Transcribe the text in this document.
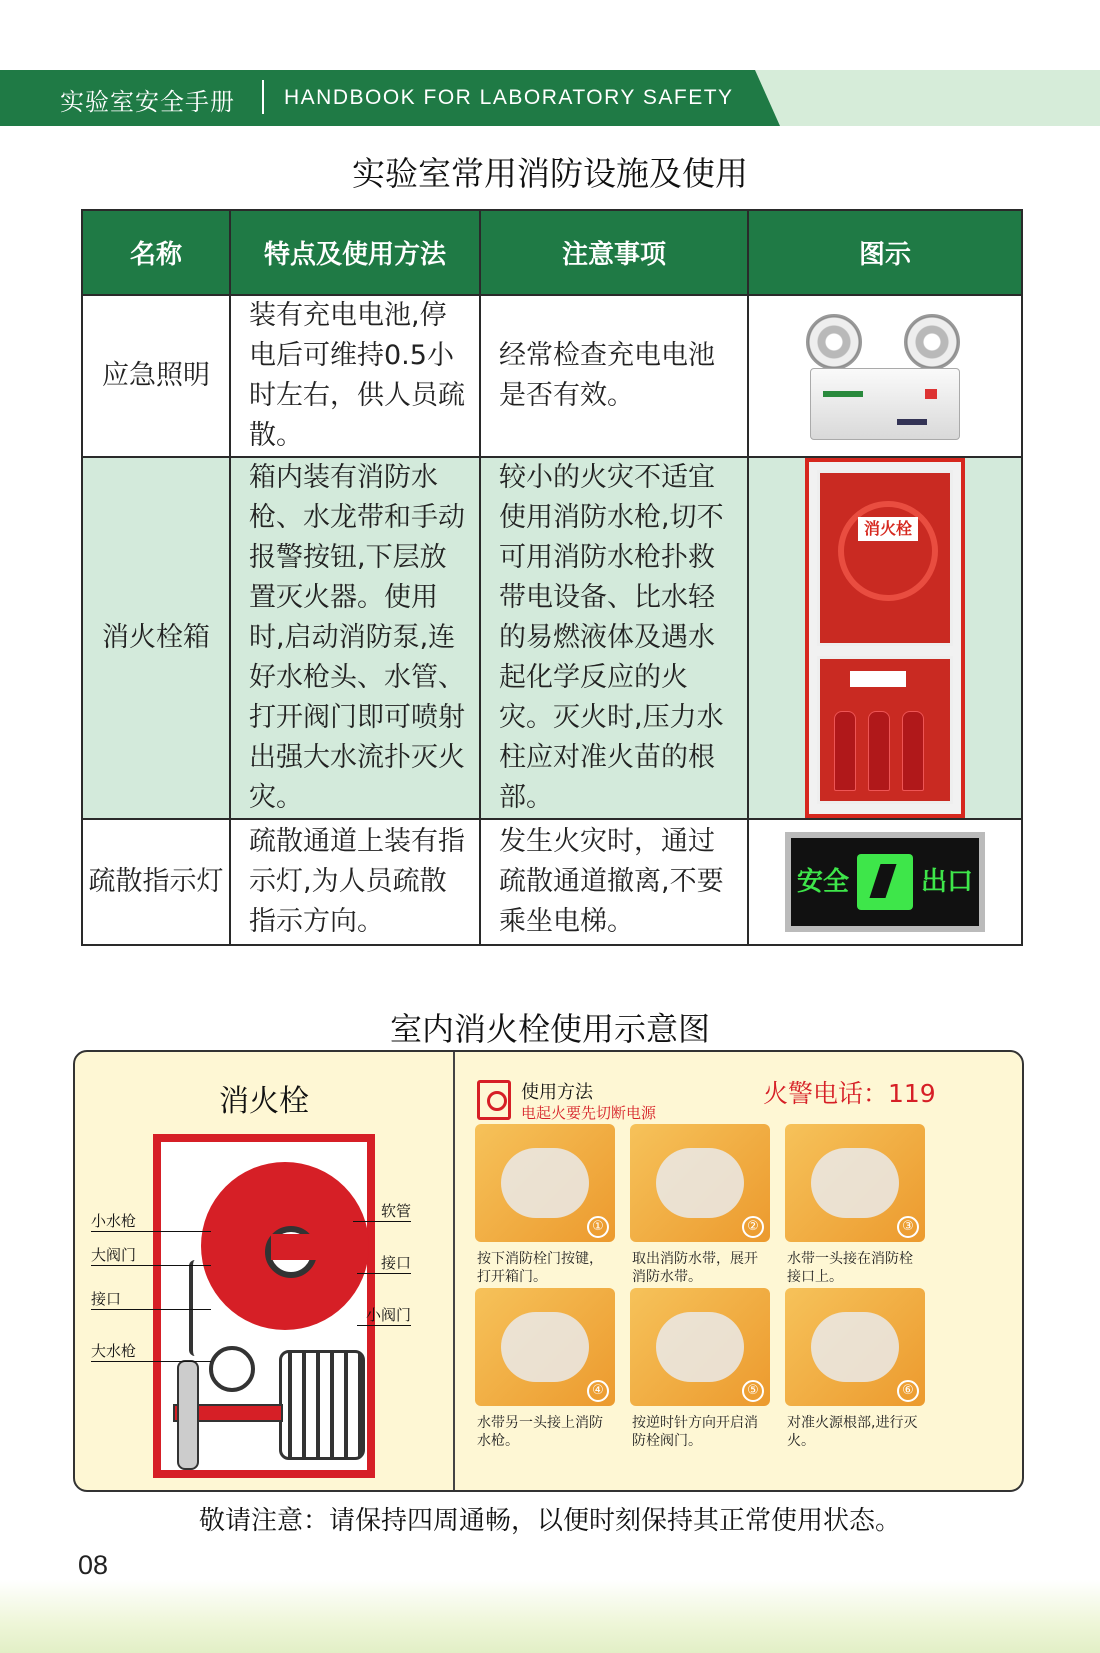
实验室安全手册 HANDBOOK FOR LABORATORY SAFETY
实验室常用消防设施及使用
名称	特点及使用方法	注意事项	图示
应急照明	装有充电电池,停电后可维持0.5小时左右，供人员疏散。	经常检查充电电池是否有效。	

消火栓箱	箱内装有消防水枪、水龙带和手动报警按钮,下层放置灭火器。使用时,启动消防泵,连好水枪头、水管、打开阀门即可喷射出强大水流扑灭火灾。	较小的火灾不适宜使用消防水枪,切不可用消防水枪扑救带电设备、比水轻的易燃液体及遇水起化学反应的火灾。灭火时,压力水柱应对准火苗的根部。	消火栓

疏散指示灯	疏散通道上装有指示灯,为人员疏散指示方向。	发生火灾时，通过疏散通道撤离,不要乘坐电梯。	安全 出口
室内消火栓使用示意图
消火栓
小水枪
大阀门
接口
大水枪
软管
接口
小阀门
使用方法
电起火要先切断电源
火警电话：119
①
按下消防栓门按键，打开箱门。
②
取出消防水带，展开消防水带。
③
水带一头接在消防栓接口上。
④
水带另一头接上消防水枪。
⑤
按逆时针方向开启消防栓阀门。
⑥
对准火源根部,进行灭火。
敬请注意：请保持四周通畅，以便时刻保持其正常使用状态。
08
